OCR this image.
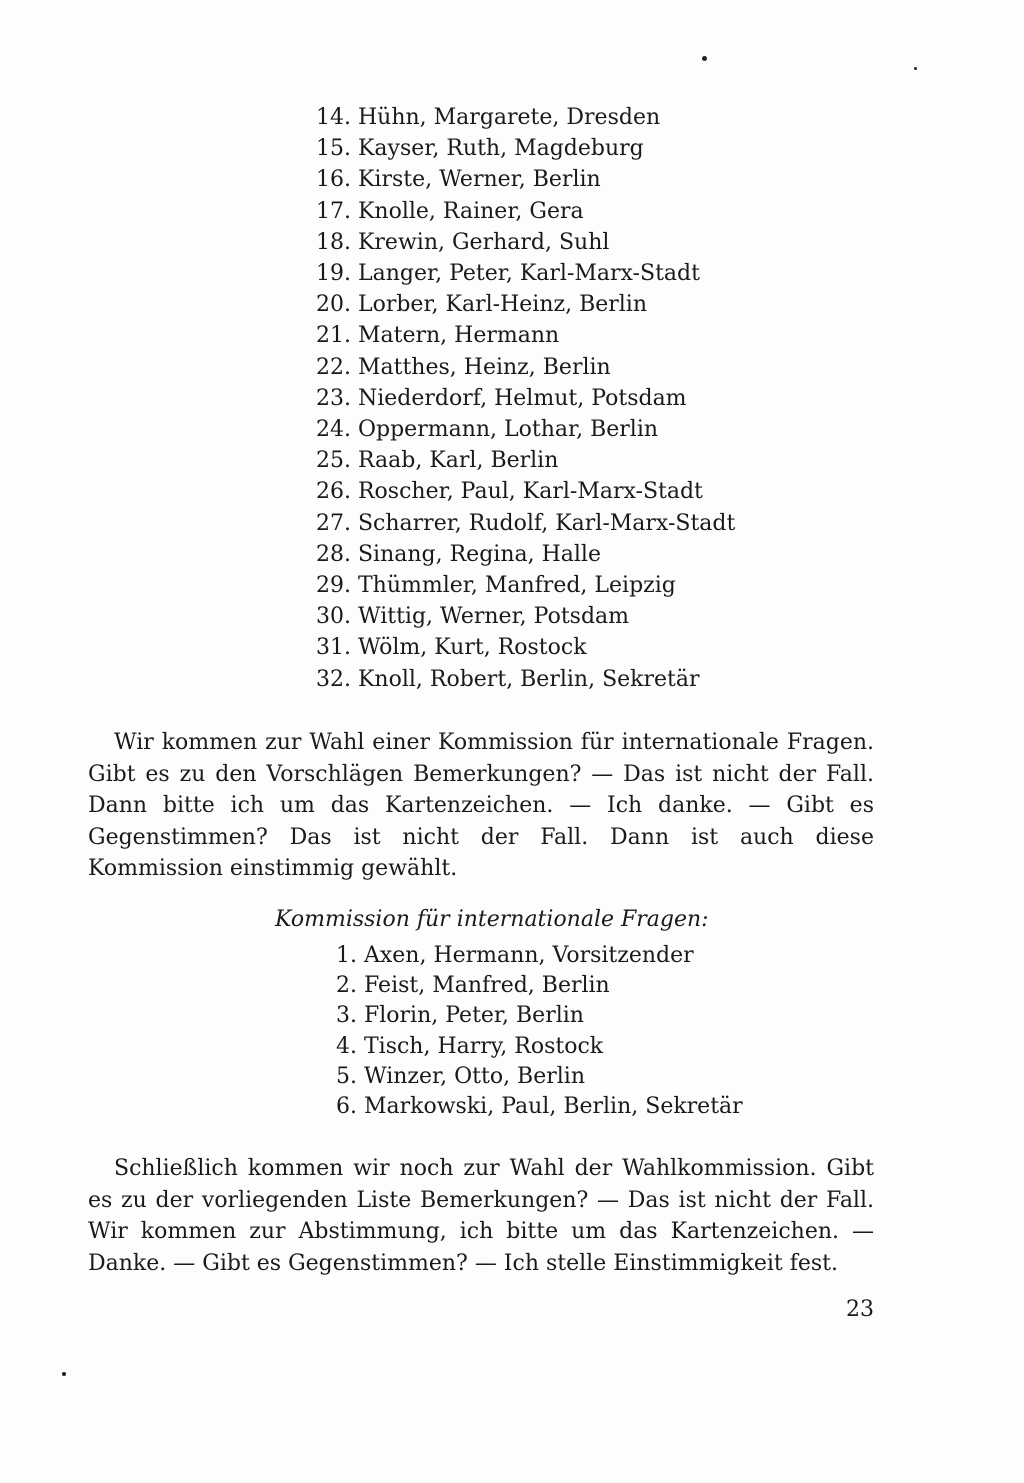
14. Hühn, Margarete, Dresden
15. Kayser, Ruth, Magdeburg
16. Kirste, Werner, Berlin
17. Knolle, Rainer, Gera
18. Krewin, Gerhard, Suhl
19. Langer, Peter, Karl-Marx-Stadt
20. Lorber, Karl-Heinz, Berlin
21. Matern, Hermann
22. Matthes, Heinz, Berlin
23. Niederdorf, Helmut, Potsdam
24. Oppermann, Lothar, Berlin
25. Raab, Karl, Berlin
26. Roscher, Paul, Karl-Marx-Stadt
27. Scharrer, Rudolf, Karl-Marx-Stadt
28. Sinang, Regina, Halle
29. Thümmler, Manfred, Leipzig
30. Wittig, Werner, Potsdam
31. Wölm, Kurt, Rostock
32. Knoll, Robert, Berlin, Sekretär

Wir kommen zur Wahl einer Kommission für internationale Fragen. Gibt es zu den Vorschlägen Bemerkungen? — Das ist nicht der Fall. Dann bitte ich um das Kartenzeichen. — Ich danke. — Gibt es Gegenstimmen? Das ist nicht der Fall. Dann ist auch diese Kommission einstimmig gewählt.

Kommission für internationale Fragen:

1. Axen, Hermann, Vorsitzender
2. Feist, Manfred, Berlin
3. Florin, Peter, Berlin
4. Tisch, Harry, Rostock
5. Winzer, Otto, Berlin
6. Markowski, Paul, Berlin, Sekretär

Schließlich kommen wir noch zur Wahl der Wahlkommission. Gibt es zu der vorliegenden Liste Bemerkungen? — Das ist nicht der Fall. Wir kommen zur Abstimmung, ich bitte um das Kartenzeichen. — Danke. — Gibt es Gegenstimmen? — Ich stelle Einstimmigkeit fest.

23
